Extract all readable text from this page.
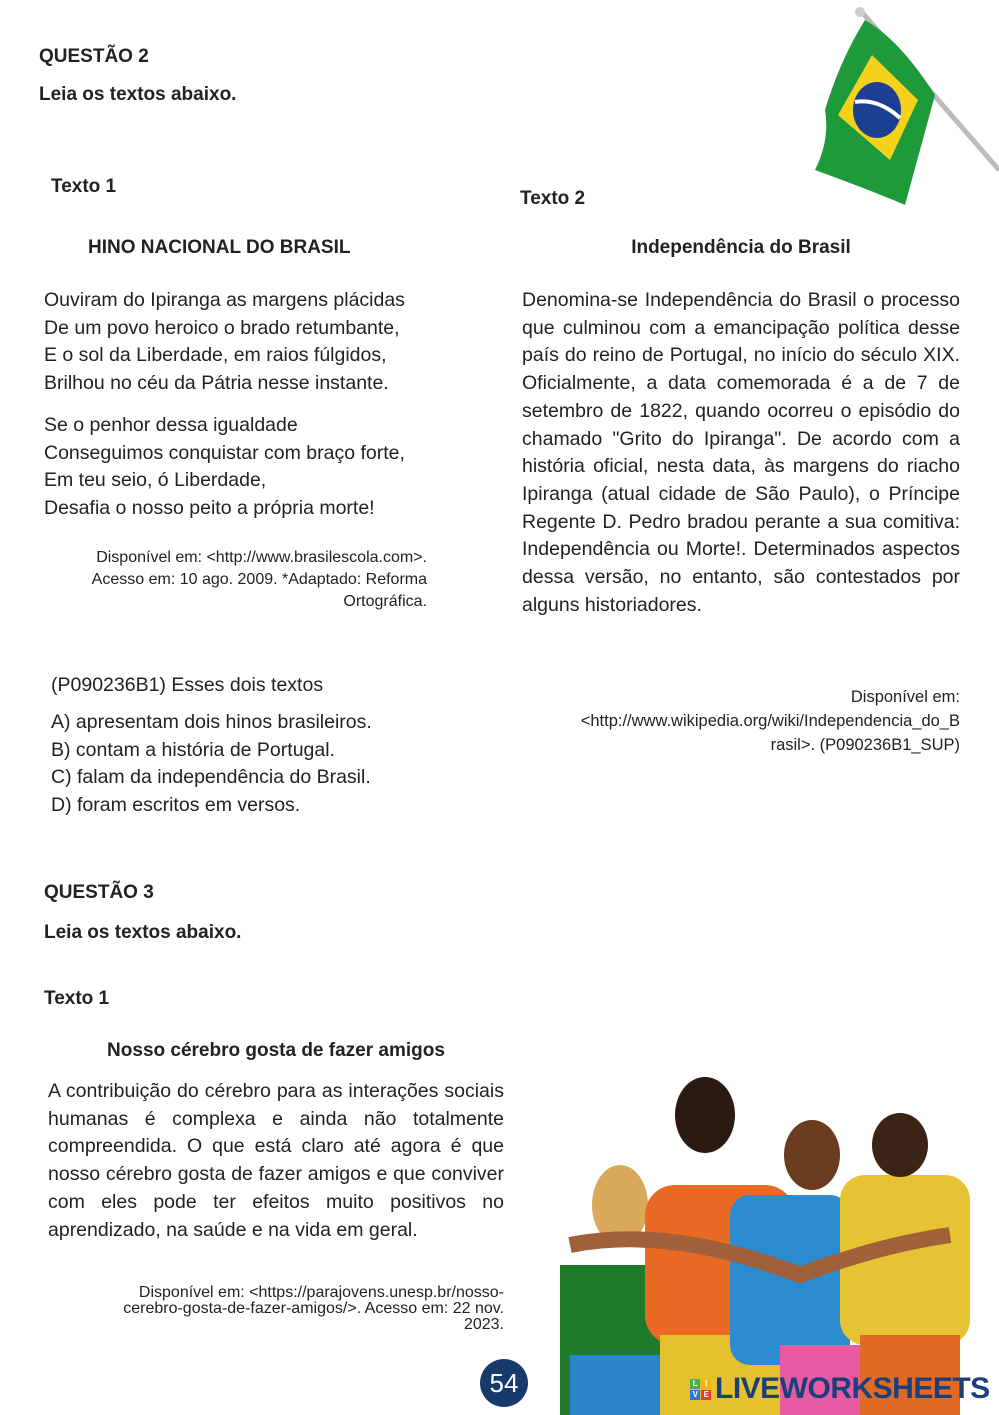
QUESTÃO 2
Leia os textos abaixo.
Texto 1
HINO NACIONAL DO BRASIL
Ouviram do Ipiranga as margens plácidas
De um povo heroico o brado retumbante,
E o sol da Liberdade, em raios fúlgidos,
Brilhou no céu da Pátria nesse instante.
Se o penhor dessa igualdade
Conseguimos conquistar com braço forte,
Em teu seio, ó Liberdade,
Desafia o nosso peito a própria morte!
Disponível em: <http://www.brasilescola.com>.
Acesso em: 10 ago. 2009. *Adaptado: Reforma
Ortográfica.
Texto 2
Independência do Brasil
Denomina-se Independência do Brasil o processo que culminou com a emancipação política desse país do reino de Portugal, no início do século XIX. Oficialmente, a data comemorada é a de 7 de setembro de 1822, quando ocorreu o episódio do chamado "Grito do Ipiranga". De acordo com a história oficial, nesta data, às margens do riacho Ipiranga (atual cidade de São Paulo), o Príncipe Regente D. Pedro bradou perante a sua comitiva: Independência ou Morte!. Determinados aspectos dessa versão, no entanto, são contestados por alguns historiadores.
Disponível em:
<http://www.wikipedia.org/wiki/Independencia_do_B
rasil>. (P090236B1_SUP)
(P090236B1) Esses dois textos
A) apresentam dois hinos brasileiros.
B) contam a história de Portugal.
C) falam da independência do Brasil.
D) foram escritos em versos.
QUESTÃO 3
Leia os textos abaixo.
Texto 1
Nosso cérebro gosta de fazer amigos
A contribuição do cérebro para as interações sociais humanas é complexa e ainda não totalmente compreendida. O que está claro até agora é que nosso cérebro gosta de fazer amigos e que conviver com eles pode ter efeitos muito positivos no aprendizado, na saúde e na vida em geral.
Disponível em: <https://parajovens.unesp.br/nosso-
cerebro-gosta-de-fazer-amigos/>. Acesso em: 22 nov.
2023.
54	L I
V E LIVEWORKSHEETS
